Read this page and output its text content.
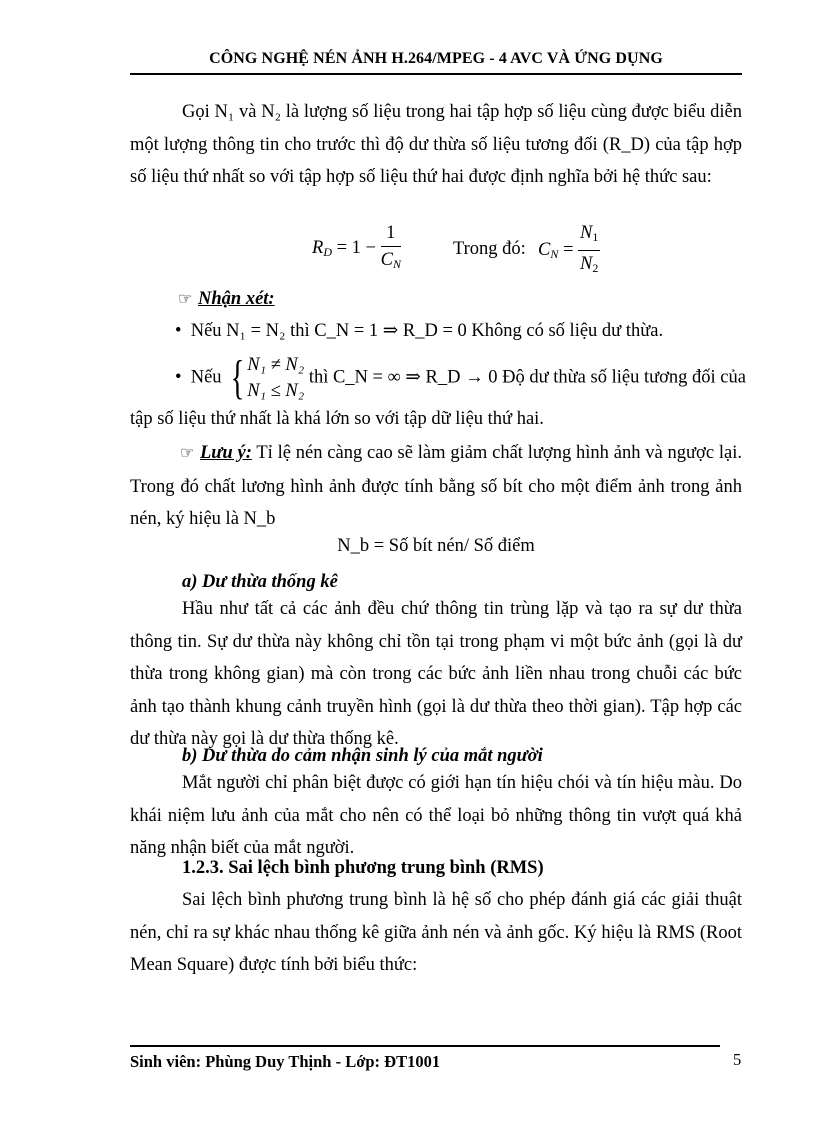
CÔNG NGHỆ NÉN ẢNH H.264/MPEG - 4 AVC VÀ ỨNG DỤNG
Gọi N₁ và N₂ là lượng số liệu trong hai tập hợp số liệu cùng được biểu diễn một lượng thông tin cho trước thì độ dư thừa số liệu tương đối (R_D) của tập hợp số liệu thứ nhất so với tập hợp số liệu thứ hai được định nghĩa bởi hệ thức sau:
$R_D = 1 - \frac{1}{C_N}$	Trong đó: $C_N = \frac{N_1}{N_2}$
☞ Nhận xét:
• Nếu N₁ = N₂ thì C_N = 1 ⇒ R_D = 0 Không có số liệu dư thừa.
• Nếu { N₁ ≠ N₂
N₁ ≤ N₂
thì C_N = ∞ ⇒ R_D → 0 Độ dư thừa số liệu tương đối của
tập số liệu thứ nhất là khá lớn so với tập dữ liệu thứ hai.
☞ Lưu ý: Tỉ lệ nén càng cao sẽ làm giảm chất lượng hình ảnh và ngược lại. Trong đó chất lương hình ảnh được tính bằng số bít cho một điểm ảnh trong ảnh nén, ký hiệu là N_b
N_b = Số bít nén/ Số điểm
a) Dư thừa thống kê
Hầu như tất cả các ảnh đều chứ thông tin trùng lặp và tạo ra sự dư thừa thông tin. Sự dư thừa này không chỉ tồn tại trong phạm vi một bức ảnh (gọi là dư thừa trong không gian) mà còn trong các bức ảnh liền nhau trong chuỗi các bức ảnh tạo thành khung cảnh truyền hình (gọi là dư thừa theo thời gian). Tập hợp các dư thừa này gọi là dư thừa thống kê.
b) Dư thừa do cảm nhận sinh lý của mắt người
Mắt người chỉ phân biệt được có giới hạn tín hiệu chói và tín hiệu màu. Do khái niệm lưu ảnh của mắt cho nên có thể loại bỏ những thông tin vượt quá khả năng nhận biết của mắt người.
1.2.3. Sai lệch bình phương trung bình (RMS)
Sai lệch bình phương trung bình là hệ số cho phép đánh giá các giải thuật nén, chỉ ra sự khác nhau thống kê giữa ảnh nén và ảnh gốc. Ký hiệu là RMS (Root Mean Square) được tính bởi biểu thức:
Sinh viên: Phùng Duy Thịnh - Lớp: ĐT1001	5
